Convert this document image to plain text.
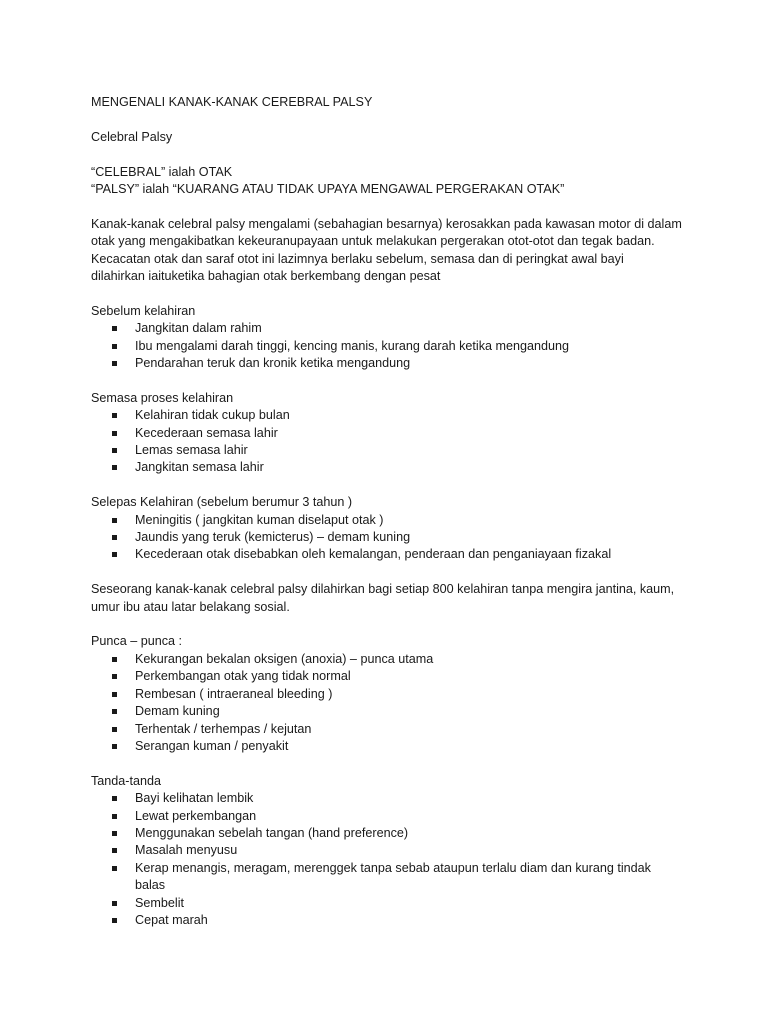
MENGENALI KANAK-KANAK CEREBRAL PALSY

Celebral Palsy

“CELEBRAL” ialah OTAK

“PALSY” ialah “KUARANG ATAU TIDAK UPAYA MENGAWAL PERGERAKAN OTAK”

Kanak-kanak celebral palsy mengalami (sebahagian besarnya) kerosakkan pada kawasan motor di dalam

otak yang mengakibatkan kekeuranupayaan untuk melakukan pergerakan otot-otot dan tegak badan.

Kecacatan otak dan saraf otot ini lazimnya berlaku sebelum, semasa dan di peringkat awal bayi

dilahirkan iaituketika bahagian otak berkembang dengan pesat

Sebelum kelahiran

Jangkitan dalam rahim
Ibu mengalami darah tinggi, kencing manis, kurang darah ketika mengandung
Pendarahan teruk dan kronik ketika mengandung

Semasa proses kelahiran

Kelahiran tidak cukup bulan
Kecederaan semasa lahir
Lemas semasa lahir
Jangkitan semasa lahir

Selepas Kelahiran (sebelum berumur 3 tahun )

Meningitis ( jangkitan kuman diselaput otak )
Jaundis yang teruk (kemicterus) – demam kuning
Kecederaan otak disebabkan oleh kemalangan, penderaan dan penganiayaan fizakal

Seseorang kanak-kanak celebral palsy dilahirkan bagi setiap 800 kelahiran tanpa mengira jantina, kaum,

umur ibu atau latar belakang sosial.

Punca – punca :

Kekurangan bekalan oksigen (anoxia) – punca utama
Perkembangan otak yang tidak normal
Rembesan ( intraeraneal bleeding )
Demam kuning
Terhentak / terhempas / kejutan
Serangan kuman / penyakit

Tanda-tanda

Bayi kelihatan lembik
Lewat perkembangan
Menggunakan sebelah tangan (hand preference)
Masalah menyusu
Kerap menangis, meragam, merenggek tanpa sebab ataupun terlalu diam dan kurang tindak
balas
Sembelit
Cepat marah
